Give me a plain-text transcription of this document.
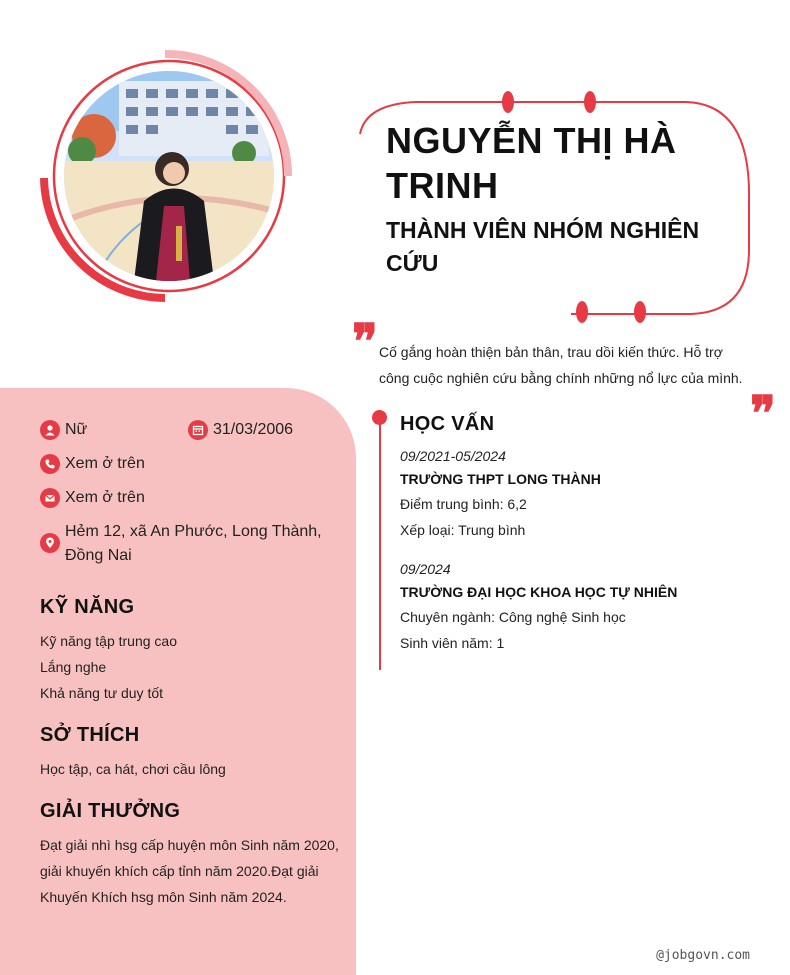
NGUYỄN THỊ HÀ TRINH
THÀNH VIÊN NHÓM NGHIÊN CỨU
❞ Cố gắng hoàn thiện bản thân, trau dồi kiến thức. Hỗ trợ công cuộc nghiên cứu bằng chính những nổ lực của mình.
❞
Nữ	31/03/2006
Xem ở trên
Xem ở trên
Hẻm 12, xã An Phước, Long Thành, Đồng Nai
KỸ NĂNG
Kỹ năng tập trung cao
Lắng nghe
Khả năng tư duy tốt
SỞ THÍCH
Học tập, ca hát, chơi cầu lông
GIẢI THƯỞNG
Đạt giải nhì hsg cấp huyện môn Sinh năm 2020, giải khuyến khích cấp tỉnh năm 2020.Đạt giải Khuyến Khích hsg môn Sinh năm 2024.
HỌC VẤN
09/2021-05/2024
TRƯỜNG THPT LONG THÀNH
Điểm trung bình: 6,2
Xếp loại: Trung bình
09/2024
TRƯỜNG ĐẠI HỌC KHOA HỌC TỰ NHIÊN
Chuyên ngành: Công nghệ Sinh học
Sinh viên năm: 1
@jobgovn.com
